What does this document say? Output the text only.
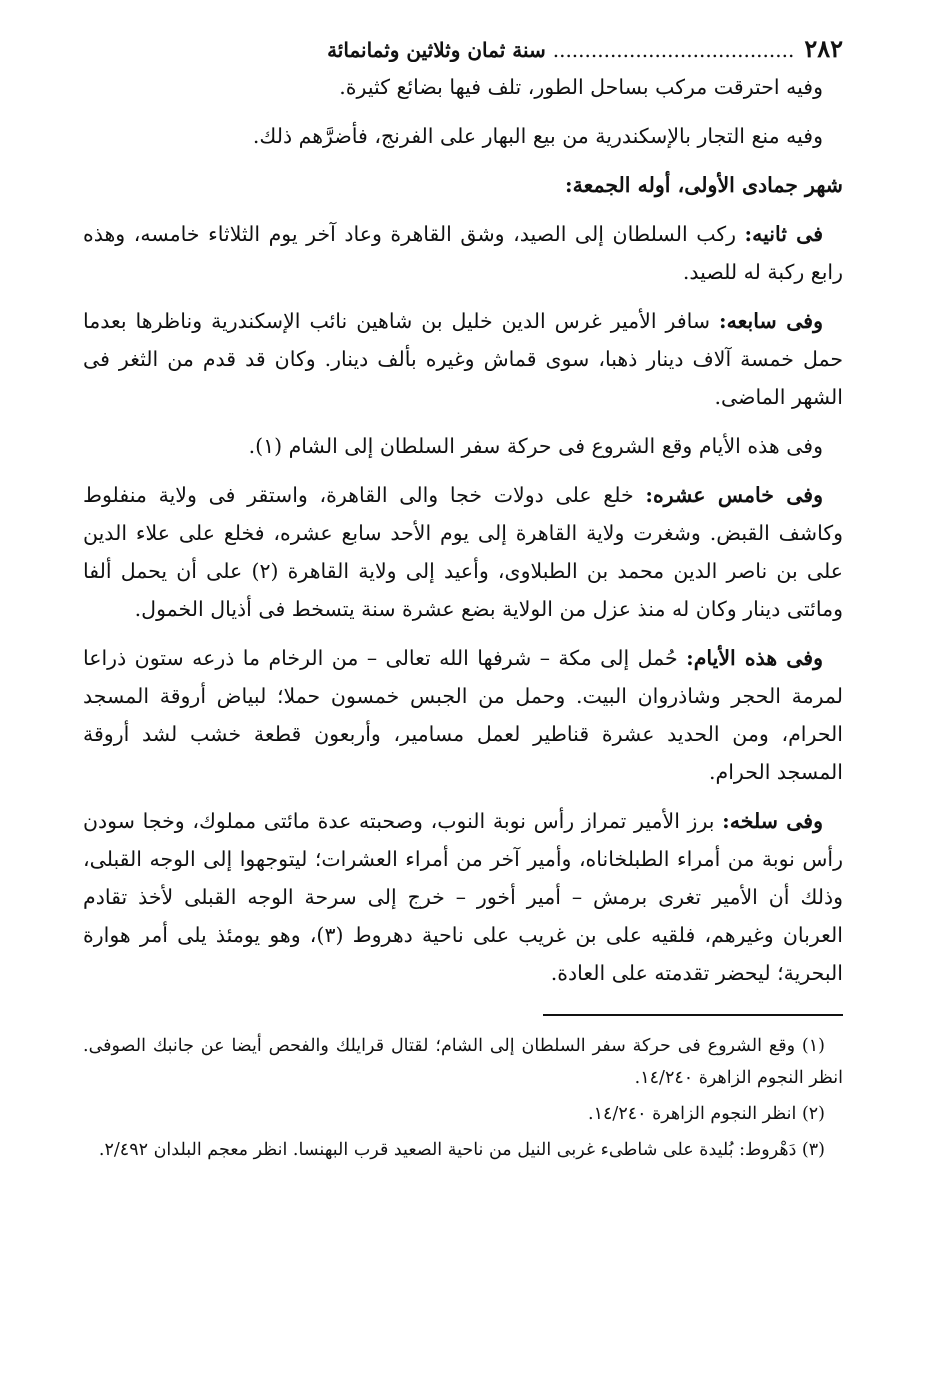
٢٨٢
...................................... سنة ثمان وثلاثين وثمانمائة

وفيه احترقت مركب بساحل الطور، تلف فيها بضائع كثيرة.

وفيه منع التجار بالإسكندرية من بيع البهار على الفرنج، فأضرَّهم ذلك.

شهر جمادى الأولى، أوله الجمعة:

فى ثانيه: ركب السلطان إلى الصيد، وشق القاهرة وعاد آخر يوم الثلاثاء خامسه، وهذه رابع ركبة له للصيد.

وفى سابعه: سافر الأمير غرس الدين خليل بن شاهين نائب الإسكندرية وناظرها بعدما حمل خمسة آلاف دينار ذهبا، سوى قماش وغيره بألف دينار. وكان قد قدم من الثغر فى الشهر الماضى.

وفى هذه الأيام وقع الشروع فى حركة سفر السلطان إلى الشام (١).

وفى خامس عشره: خلع على دولات خجا والى القاهرة، واستقر فى ولاية منفلوط وكاشف القبض. وشغرت ولاية القاهرة إلى يوم الأحد سابع عشره، فخلع على علاء الدين على بن ناصر الدين محمد بن الطبلاوى، وأعيد إلى ولاية القاهرة (٢) على أن يحمل ألفا ومائتى دينار وكان له منذ عزل من الولاية بضع عشرة سنة يتسخط فى أذيال الخمول.

وفى هذه الأيام: حُمل إلى مكة – شرفها الله تعالى – من الرخام ما ذرعه ستون ذراعا لمرمة الحجر وشاذروان البيت. وحمل من الجبس خمسون حملا؛ لبياض أروقة المسجد الحرام، ومن الحديد عشرة قناطير لعمل مسامير، وأربعون قطعة خشب لشد أروقة المسجد الحرام.

وفى سلخه: برز الأمير تمراز رأس نوبة النوب، وصحبته عدة مائتى مملوك، وخجا سودن رأس نوبة من أمراء الطبلخاناه، وأمير آخر من أمراء العشرات؛ ليتوجهوا إلى الوجه القبلى، وذلك أن الأمير تغرى برمش – أمير أخور – خرج إلى سرحة الوجه القبلى لأخذ تقادم العربان وغيرهم، فلقيه على بن غريب على ناحية دهروط (٣)، وهو يومئذ يلى أمر هوارة البحرية؛ ليحضر تقدمته على العادة.

(١) وقع الشروع فى حركة سفر السلطان إلى الشام؛ لقتال قرايلك والفحص أيضا عن جانبك الصوفى. انظر النجوم الزاهرة ١٤/٢٤٠.

(٢) انظر النجوم الزاهرة ١٤/٢٤٠.

(٣) دَهْروط: بُليدة على شاطىء غربى النيل من ناحية الصعيد قرب البهنسا. انظر معجم البلدان ٢/٤٩٢.
